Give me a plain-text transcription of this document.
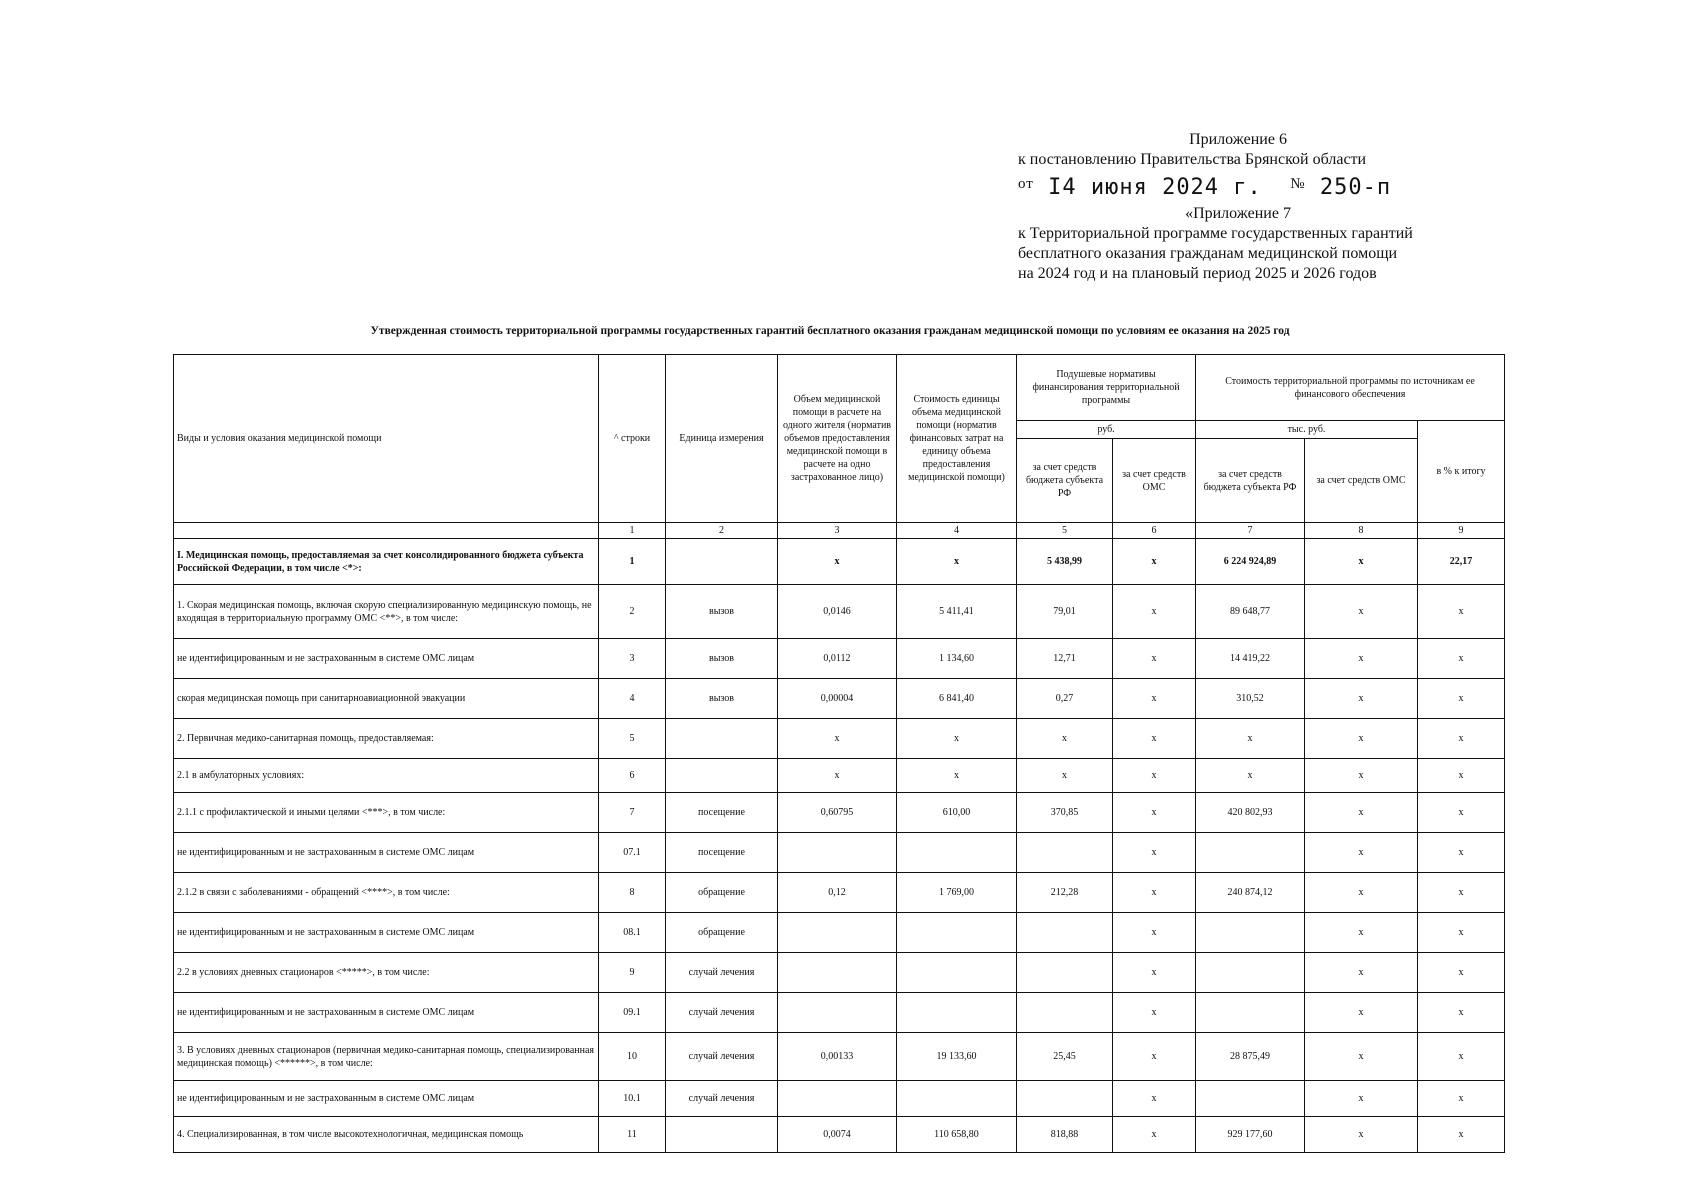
Приложение 6
к постановлению Правительства Брянской области
$^{от}$ I4 июня 2024 г. № 250-п
«Приложение 7
к Территориальной программе государственных гарантий
бесплатного оказания гражданам медицинской помощи
на 2024 год и на плановый период 2025 и 2026 годов
Утвержденная стоимость территориальной программы государственных гарантий бесплатного оказания гражданам медицинской помощи по условиям ее оказания на 2025 год
Виды и условия оказания медицинской помощи	^ строки	Единица измерения	Объем медицинской помощи в расчете на одного жителя (норматив объемов предоставления медицинской помощи в расчете на одно застрахованное лицо)	Стоимость единицы объема медицинской помощи (норматив финансовых затрат на единицу объема предоставления медицинской помощи)	Подушевые нормативы финансирования территориальной программы		Стоимость территориальной программы по источникам ее финансового обеспечения		
					руб.		тыс. руб.		в % к итогу
					за счет средств бюджета субъекта РФ	за счет средств ОМС	за счет средств бюджета субъекта РФ	за счет средств ОМС	
	1	2	3	4	5	6	7	8	9
I. Медицинская помощь, предоставляемая за счет консолидированного бюджета субъекта Российской Федерации, в том числе <*>:	1		x	x	5 438,99	x	6 224 924,89	x	22,17
1. Скорая медицинская помощь, включая скорую специализированную медицинскую помощь, не входящая в территориальную программу ОМС <**>, в том числе:	2	вызов	0,0146	5 411,41	79,01	x	89 648,77	x	x
не идентифицированным и не застрахованным в системе ОМС лицам	3	вызов	0,0112	1 134,60	12,71	x	14 419,22	x	x
скорая медицинская помощь при санитарноавиационной эвакуации	4	вызов	0,00004	6 841,40	0,27	x	310,52	x	x
2. Первичная медико-санитарная помощь, предоставляемая:	5		x	x	x	x	x	x	x
2.1 в амбулаторных условиях:	6		x	x	x	x	x	x	x
2.1.1 с профилактической и иными целями <***>, в том числе:	7	посещение	0,60795	610,00	370,85	x	420 802,93	x	x
не идентифицированным и не застрахованным в системе ОМС лицам	07.1	посещение				x		x	x
2.1.2 в связи с заболеваниями - обращений <****>, в том числе:	8	обращение	0,12	1 769,00	212,28	x	240 874,12	x	x
не идентифицированным и не застрахованным в системе ОМС лицам	08.1	обращение				x		x	x
2.2 в условиях дневных стационаров <*****>, в том числе:	9	случай лечения				x		x	x
не идентифицированным и не застрахованным в системе ОМС лицам	09.1	случай лечения				x		x	x
3. В условиях дневных стационаров (первичная медико-санитарная помощь, специализированная медицинская помощь) <******>, в том числе:	10	случай лечения	0,00133	19 133,60	25,45	x	28 875,49	x	x
не идентифицированным и не застрахованным в системе ОМС лицам	10.1	случай лечения				x		x	x
4. Специализированная, в том числе высокотехнологичная, медицинская помощь	11		0,0074	110 658,80	818,88	x	929 177,60	x	x
